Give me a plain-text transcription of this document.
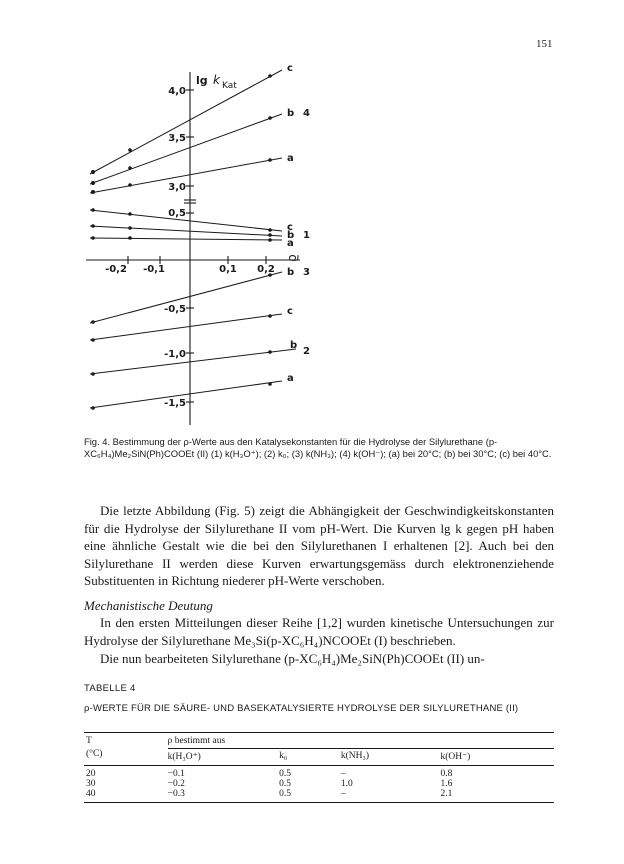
151
lg k Kat
4,0
3,5
3,0
0,5
-0,5
-1,0
-1,5
-0,2 -0,1	0,1 0,2
ϱ
c
b 4
a
c
b 1
a
b 3
c
b
2
a
Fig. 4. Bestimmung der ρ-Werte aus den Katalysekonstanten für die Hydrolyse der Silylurethane (p-XC₆H₄)Me₂SiN(Ph)COOEt (II) (1) k(H₃O⁺); (2) k₀; (3) k(NH₃); (4) k(OH⁻); (a) bei 20°C; (b) bei 30°C; (c) bei 40°C.
Die letzte Abbildung (Fig. 5) zeigt die Abhängigkeit der Geschwindigkeitskonstanten für die Hydrolyse der Silylurethane II vom pH-Wert. Die Kurven lg k gegen pH haben eine ähnliche Gestalt wie die bei den Silylurethanen I erhaltenen [2]. Auch bei den Silylurethane II werden diese Kurven erwartungsgemäss durch elektronenziehende Substituenten in Richtung niederer pH-Werte verschoben.
Mechanistische Deutung
In den ersten Mitteilungen dieser Reihe [1,2] wurden kinetische Untersuchungen zur Hydrolyse der Silylurethane Me₃Si(p-XC₆H₄)NCOOEt (I) beschrieben.
Die nun bearbeiteten Silylurethane (p-XC₆H₄)Me₂SiN(Ph)COOEt (II) un-
TABELLE 4
ρ-WERTE FÜR DIE SÄURE- UND BASEKATALYSIERTE HYDROLYSE DER SILYLURETHANE (II)
T	ρ bestimmt aus			
(°C)	k(H₃O⁺)	k₀	k(NH₃)	k(OH⁻)
20	−0.1	0.5	–	0.8
30	−0.2	0.5	1.0	1.6
40	−0.3	0.5	–	2.1
